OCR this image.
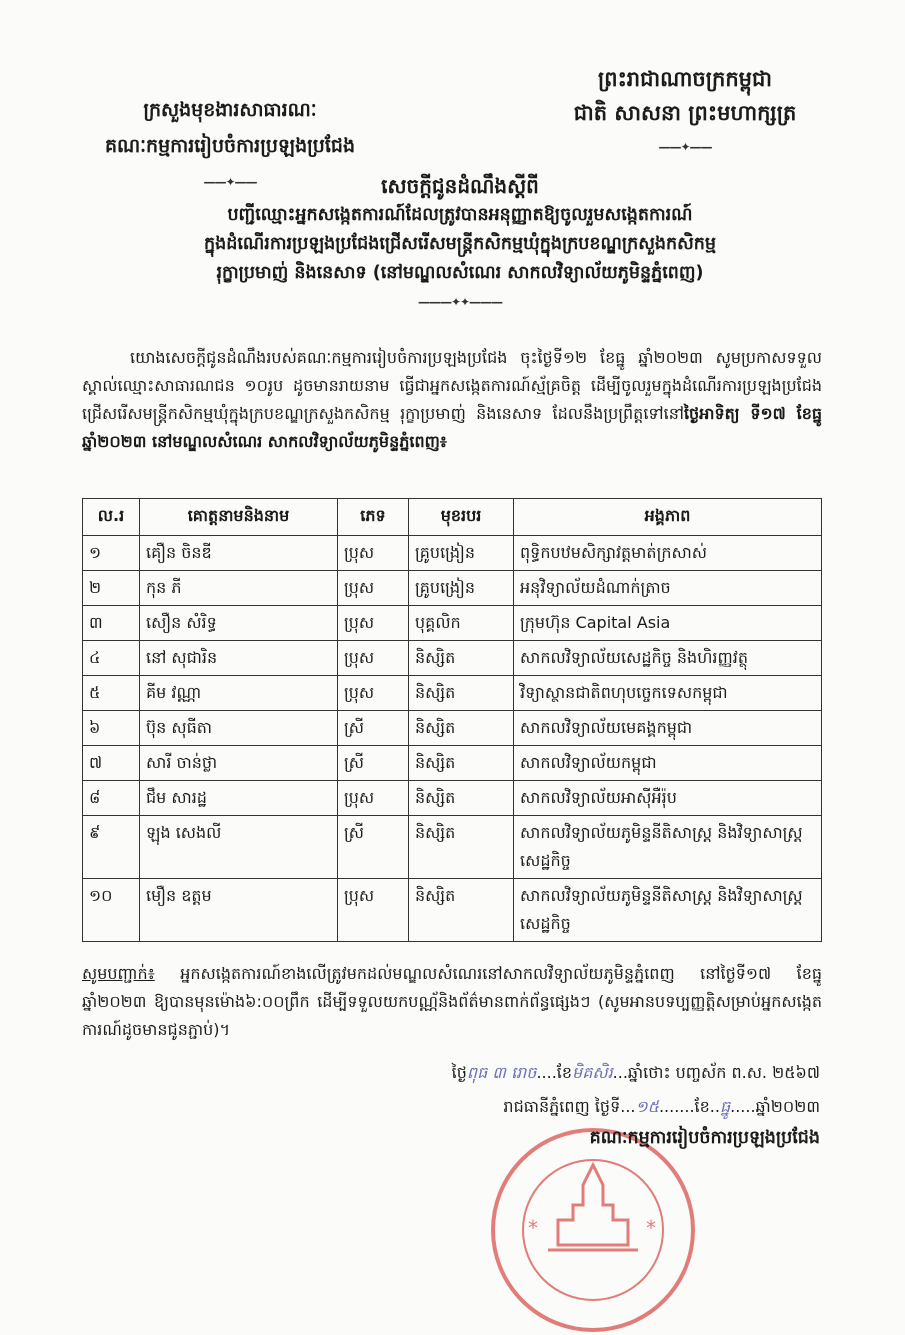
ព្រះរាជាណាចក្រកម្ពុជា
ជាតិ សាសនា ព្រះមហាក្សត្រ
——✦——
ក្រសួងមុខងារសាធារណៈ
គណៈកម្មការរៀបចំការប្រឡងប្រជែង
——✦——	សេចក្តីជូនដំណឹងស្តីពី
បញ្ជីឈ្មោះអ្នកសង្កេតការណ៍ដែលត្រូវបានអនុញ្ញាតឱ្យចូលរួមសង្កេតការណ៍
ក្នុងដំណើរការប្រឡងប្រជែងជ្រើសរើសមន្ត្រីកសិកម្មឃុំក្នុងក្របខណ្ឌក្រសួងកសិកម្ម
រុក្ខាប្រមាញ់ និងនេសាទ (នៅមណ្ឌលសំណេរ សាកលវិទ្យាល័យភូមិន្ទភ្នំពេញ)
———✦✦———
យោងសេចក្តីជូនដំណឹងរបស់គណៈកម្មការរៀបចំការប្រឡងប្រជែង ចុះថ្ងៃទី១២ ខែធ្នូ ឆ្នាំ២០២៣ សូមប្រកាសទទួលស្គាល់ឈ្មោះសាធារណជន ១០រូប ដូចមានរាយនាម ធ្វើជាអ្នកសង្កេតការណ៍ស្ម័គ្រចិត្ត ដើម្បីចូលរួមក្នុងដំណើរការប្រឡងប្រជែងជ្រើសរើសមន្ត្រីកសិកម្មឃុំក្នុងក្របខណ្ឌក្រសួងកសិកម្ម រុក្ខាប្រមាញ់ និងនេសាទ ដែលនឹងប្រព្រឹត្តទៅនៅថ្ងៃអាទិត្យ ទី១៧ ខែធ្នូ ឆ្នាំ២០២៣ នៅមណ្ឌលសំណេរ សាកលវិទ្យាល័យភូមិន្ទភ្នំពេញ៖
ល.រ	គោត្តនាមនិងនាម	ភេទ	មុខរបរ	អង្គភាព
១	គឿន ចិនឌី	ប្រុស	គ្រូបង្រៀន	ពុទ្ធិកបឋមសិក្សាវត្តមាត់ក្រសាស់
២	កុន ភី	ប្រុស	គ្រូបង្រៀន	អនុវិទ្យាល័យដំណាក់ត្រាច
៣	សឿន សំរិទ្ធ	ប្រុស	បុគ្គលិក	ក្រុមហ៊ុន Capital Asia
៤	នៅ សុជារិន	ប្រុស	និស្សិត	សាកលវិទ្យាល័យសេដ្ឋកិច្ច និងហិរញ្ញវត្ថុ
៥	គីម វណ្ណា	ប្រុស	និស្សិត	វិទ្យាស្ថានជាតិពហុបច្ចេកទេសកម្ពុជា
៦	ប៊ុន សុធីតា	ស្រី	និស្សិត	សាកលវិទ្យាល័យមេគង្គកម្ពុជា
៧	សារី ចាន់ថ្លា	ស្រី	និស្សិត	សាកលវិទ្យាល័យកម្ពុជា
៨	ជឹម សារដ្ឋ	ប្រុស	និស្សិត	សាកលវិទ្យាល័យអាស៊ីអឺរ៉ុប
៩	ឡុង សេងលី	ស្រី	និស្សិត	សាកលវិទ្យាល័យភូមិន្ទនីតិសាស្ត្រ និងវិទ្យាសាស្ត្រសេដ្ឋកិច្ច
១០	មឿន ឧត្តម	ប្រុស	និស្សិត	សាកលវិទ្យាល័យភូមិន្ទនីតិសាស្ត្រ និងវិទ្យាសាស្ត្រសេដ្ឋកិច្ច
សូមបញ្ជាក់៖ អ្នកសង្កេតការណ៍ខាងលើត្រូវមកដល់មណ្ឌលសំណេរនៅសាកលវិទ្យាល័យភូមិន្ទភ្នំពេញ នៅថ្ងៃទី១៧ ខែធ្នូ ឆ្នាំ២០២៣ ឱ្យបានមុនម៉ោង៦:០០ព្រឹក ដើម្បីទទួលយកបណ្ណ័និងព័ត៌មានពាក់ព័ន្ធផ្សេងៗ (សូមអានបទប្បញ្ញត្តិសម្រាប់អ្នកសង្កេតការណ៍ដូចមានជូនភ្ជាប់)។
ថ្ងៃពុធ ៣ រោច....ខែមិគសិរ...ឆ្នាំថោះ បញ្ចស័ក ព.ស. ២៥៦៧
រាជធានីភ្នំពេញ ថ្ងៃទី...១៥.......ខែ..ធ្នូ.....ឆ្នាំ២០២៣
*	*
គណៈកម្មការរៀបចំការប្រឡងប្រជែង
